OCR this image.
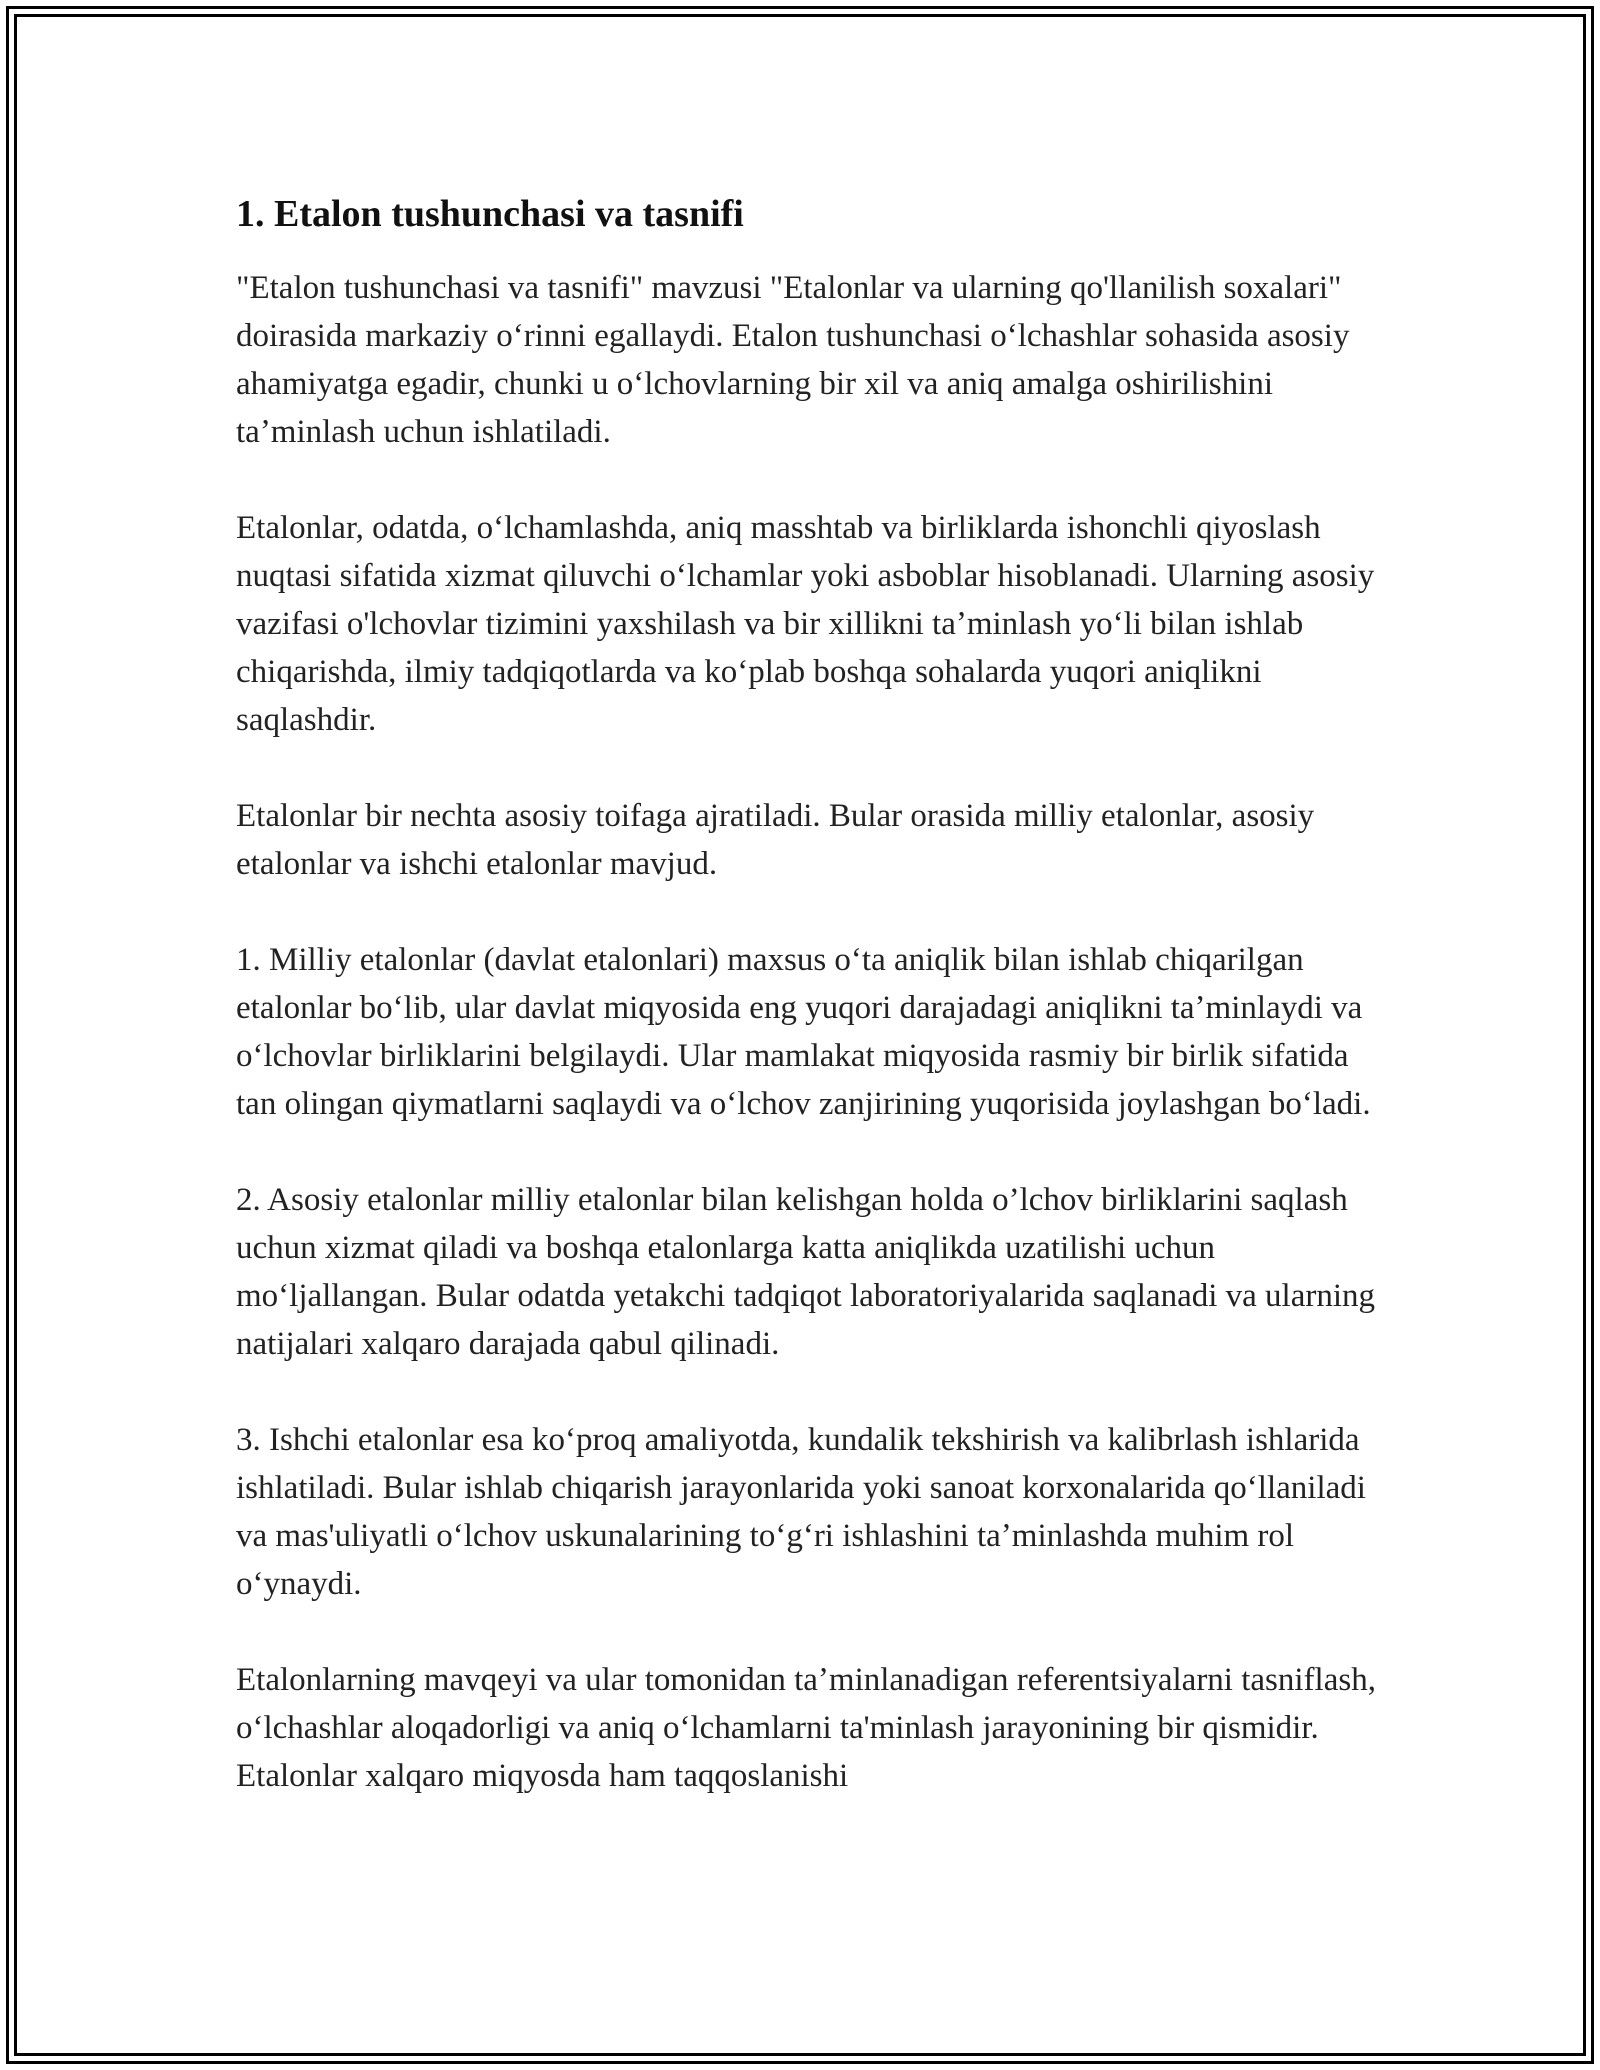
1. Etalon tushunchasi va tasnifi

"Etalon tushunchasi va tasnifi" mavzusi "Etalonlar va ularning qo'llanilish soxalari" doirasida markaziy oʻrinni egallaydi. Etalon tushunchasi oʻlchashlar sohasida asosiy ahamiyatga egadir, chunki u oʻlchovlarning bir xil va aniq amalga oshirilishini taʼminlash uchun ishlatiladi.

Etalonlar, odatda, oʻlchamlashda, aniq masshtab va birliklarda ishonchli qiyoslash nuqtasi sifatida xizmat qiluvchi oʻlchamlar yoki asboblar hisoblanadi. Ularning asosiy vazifasi o'lchovlar tizimini yaxshilash va bir xillikni taʼminlash yoʻli bilan ishlab chiqarishda, ilmiy tadqiqotlarda va koʻplab boshqa sohalarda yuqori aniqlikni saqlashdir.

Etalonlar bir nechta asosiy toifaga ajratiladi. Bular orasida milliy etalonlar, asosiy etalonlar va ishchi etalonlar mavjud.

1. Milliy etalonlar (davlat etalonlari) maxsus oʻta aniqlik bilan ishlab chiqarilgan etalonlar boʻlib, ular davlat miqyosida eng yuqori darajadagi aniqlikni taʼminlaydi va oʻlchovlar birliklarini belgilaydi. Ular mamlakat miqyosida rasmiy bir birlik sifatida tan olingan qiymatlarni saqlaydi va oʻlchov zanjirining yuqorisida joylashgan boʻladi.

2. Asosiy etalonlar milliy etalonlar bilan kelishgan holda o’lchov birliklarini saqlash uchun xizmat qiladi va boshqa etalonlarga katta aniqlikda uzatilishi uchun moʻljallangan. Bular odatda yetakchi tadqiqot laboratoriyalarida saqlanadi va ularning natijalari xalqaro darajada qabul qilinadi.

3. Ishchi etalonlar esa koʻproq amaliyotda, kundalik tekshirish va kalibrlash ishlarida ishlatiladi. Bular ishlab chiqarish jarayonlarida yoki sanoat korxonalarida qoʻllaniladi va mas'uliyatli oʻlchov uskunalarining toʻgʻri ishlashini taʼminlashda muhim rol oʻynaydi.

Etalonlarning mavqeyi va ular tomonidan taʼminlanadigan referentsiyalarni tasniflash, oʻlchashlar aloqadorligi va aniq oʻlchamlarni ta'minlash jarayonining bir qismidir. Etalonlar xalqaro miqyosda ham taqqoslanishi
